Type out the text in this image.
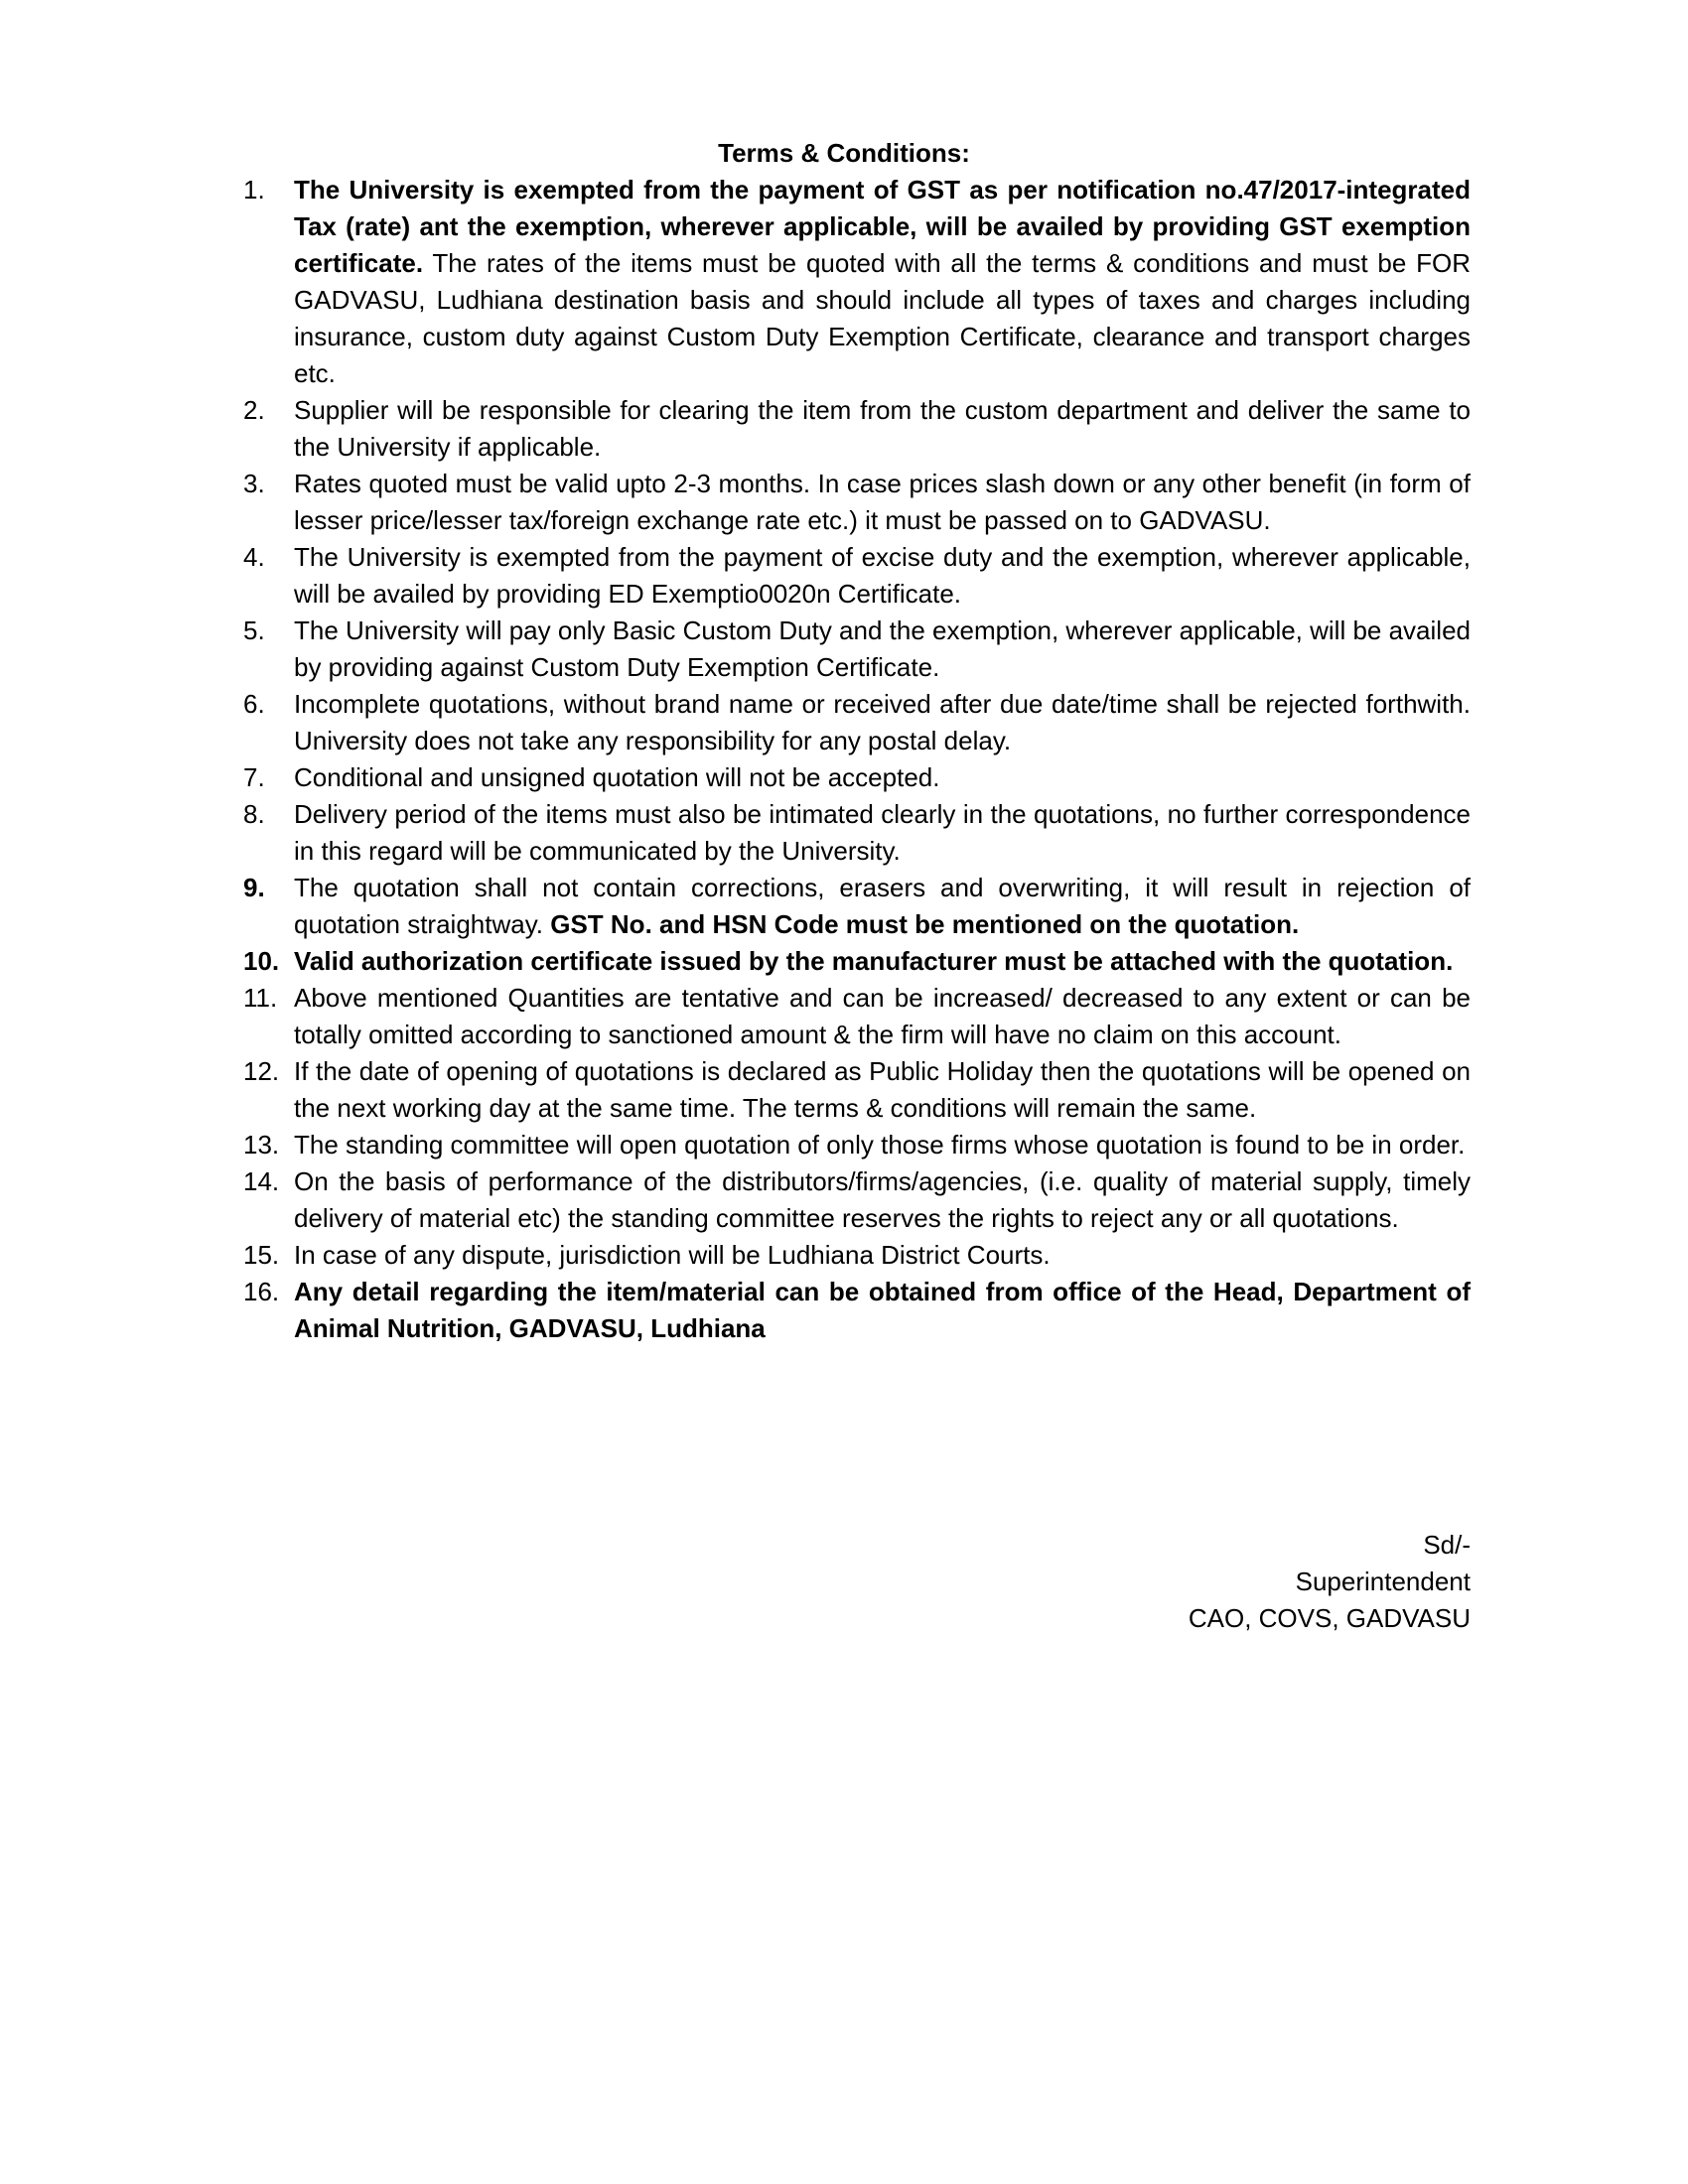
Terms & Conditions:
1.	The University is exempted from the payment of GST as per notification no.47/2017-integrated Tax (rate) ant the exemption, wherever applicable, will be availed by providing GST exemption certificate. The rates of the items must be quoted with all the terms & conditions and must be FOR GADVASU, Ludhiana destination basis and should include all types of taxes and charges including insurance, custom duty against Custom Duty Exemption Certificate, clearance and transport charges etc.
2.	Supplier will be responsible for clearing the item from the custom department and deliver the same to the University if applicable.
3.	Rates quoted must be valid upto 2-3 months. In case prices slash down or any other benefit (in form of lesser price/lesser tax/foreign exchange rate etc.) it must be passed on to GADVASU.
4.	The University is exempted from the payment of excise duty and the exemption, wherever applicable, will be availed by providing ED Exemptio0020n Certificate.
5.	The University will pay only Basic Custom Duty and the exemption, wherever applicable, will be availed by providing against Custom Duty Exemption Certificate.
6.	Incomplete quotations, without brand name or received after due date/time shall be rejected forthwith. University does not take any responsibility for any postal delay.
7.	Conditional and unsigned quotation will not be accepted.
8.	Delivery period of the items must also be intimated clearly in the quotations, no further correspondence in this regard will be communicated by the University.
9.	The quotation shall not contain corrections, erasers and overwriting, it will result in rejection of quotation straightway. GST No. and HSN Code must be mentioned on the quotation.
10. Valid authorization certificate issued by the manufacturer must be attached with the quotation.
11. Above mentioned Quantities are tentative and can be increased/ decreased to any extent or can be totally omitted according to sanctioned amount & the firm will have no claim on this account.
12. If the date of opening of quotations is declared as Public Holiday then the quotations will be opened on the next working day at the same time. The terms & conditions will remain the same.
13. The standing committee will open quotation of only those firms whose quotation is found to be in order.
14. On the basis of performance of the distributors/firms/agencies, (i.e. quality of material supply, timely delivery of material etc) the standing committee reserves the rights to reject any or all quotations.
15. In case of any dispute, jurisdiction will be Ludhiana District Courts.
16. Any detail regarding the item/material can be obtained from office of the Head, Department of Animal Nutrition, GADVASU, Ludhiana
Sd/-
Superintendent
CAO, COVS, GADVASU
